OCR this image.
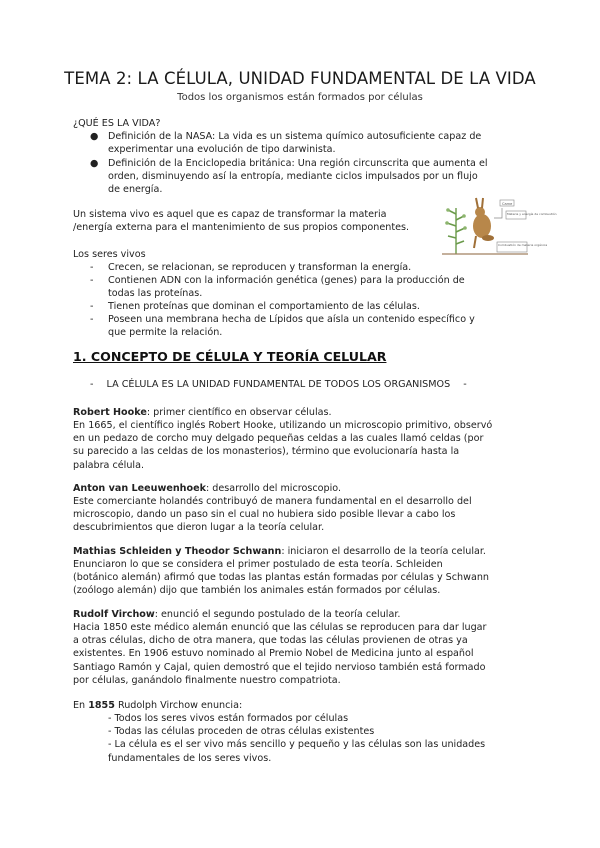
TEMA 2: LA CÉLULA, UNIDAD FUNDAMENTAL DE LA VIDA
Todos los organismos están formados por células
¿QUÉ ES LA VIDA?
● Definición de la NASA: La vida es un sistema químico autosuficiente capaz de
experimentar una evolución de tipo darwinista.
● Definición de la Enciclopedia británica: Una región circunscrita que aumenta el
orden, disminuyendo así la entropía, mediante ciclos impulsados por un flujo
de energía.
Un sistema vivo es aquel que es capaz de transformar la materia
/energía externa para el mantenimiento de sus propios componentes.
Carne
Materia y energía de combustión
Combustión de materia orgánica
Los seres vivos
- Crecen, se relacionan, se reproducen y transforman la energía.
- Contienen ADN con la información genética (genes) para la producción de
todas las proteínas.
- Tienen proteínas que dominan el comportamiento de las células.
- Poseen una membrana hecha de Lípidos que aísla un contenido específico y
que permite la relación.
1. CONCEPTO DE CÉLULA Y TEORÍA CELULAR
- LA CÉLULA ES LA UNIDAD FUNDAMENTAL DE TODOS LOS ORGANISMOS -
Robert Hooke: primer científico en observar células.
En 1665, el científico inglés Robert Hooke, utilizando un microscopio primitivo, observó
en un pedazo de corcho muy delgado pequeñas celdas a las cuales llamó celdas (por
su parecido a las celdas de los monasterios), término que evolucionaría hasta la
palabra célula.
Anton van Leeuwenhoek: desarrollo del microscopio.
Este comerciante holandés contribuyó de manera fundamental en el desarrollo del
microscopio, dando un paso sin el cual no hubiera sido posible llevar a cabo los
descubrimientos que dieron lugar a la teoría celular.
Mathias Schleiden y Theodor Schwann: iniciaron el desarrollo de la teoría celular.
Enunciaron lo que se considera el primer postulado de esta teoría. Schleiden
(botánico alemán) afirmó que todas las plantas están formadas por células y Schwann
(zoólogo alemán) dijo que también los animales están formados por células.
Rudolf Virchow: enunció el segundo postulado de la teoría celular.
Hacia 1850 este médico alemán enunció que las células se reproducen para dar lugar
a otras células, dicho de otra manera, que todas las células provienen de otras ya
existentes. En 1906 estuvo nominado al Premio Nobel de Medicina junto al español
Santiago Ramón y Cajal, quien demostró que el tejido nervioso también está formado
por células, ganándolo finalmente nuestro compatriota.
En 1855 Rudolph Virchow enuncia:
- Todos los seres vivos están formados por células
- Todas las células proceden de otras células existentes
- La célula es el ser vivo más sencillo y pequeño y las células son las unidades
fundamentales de los seres vivos.
